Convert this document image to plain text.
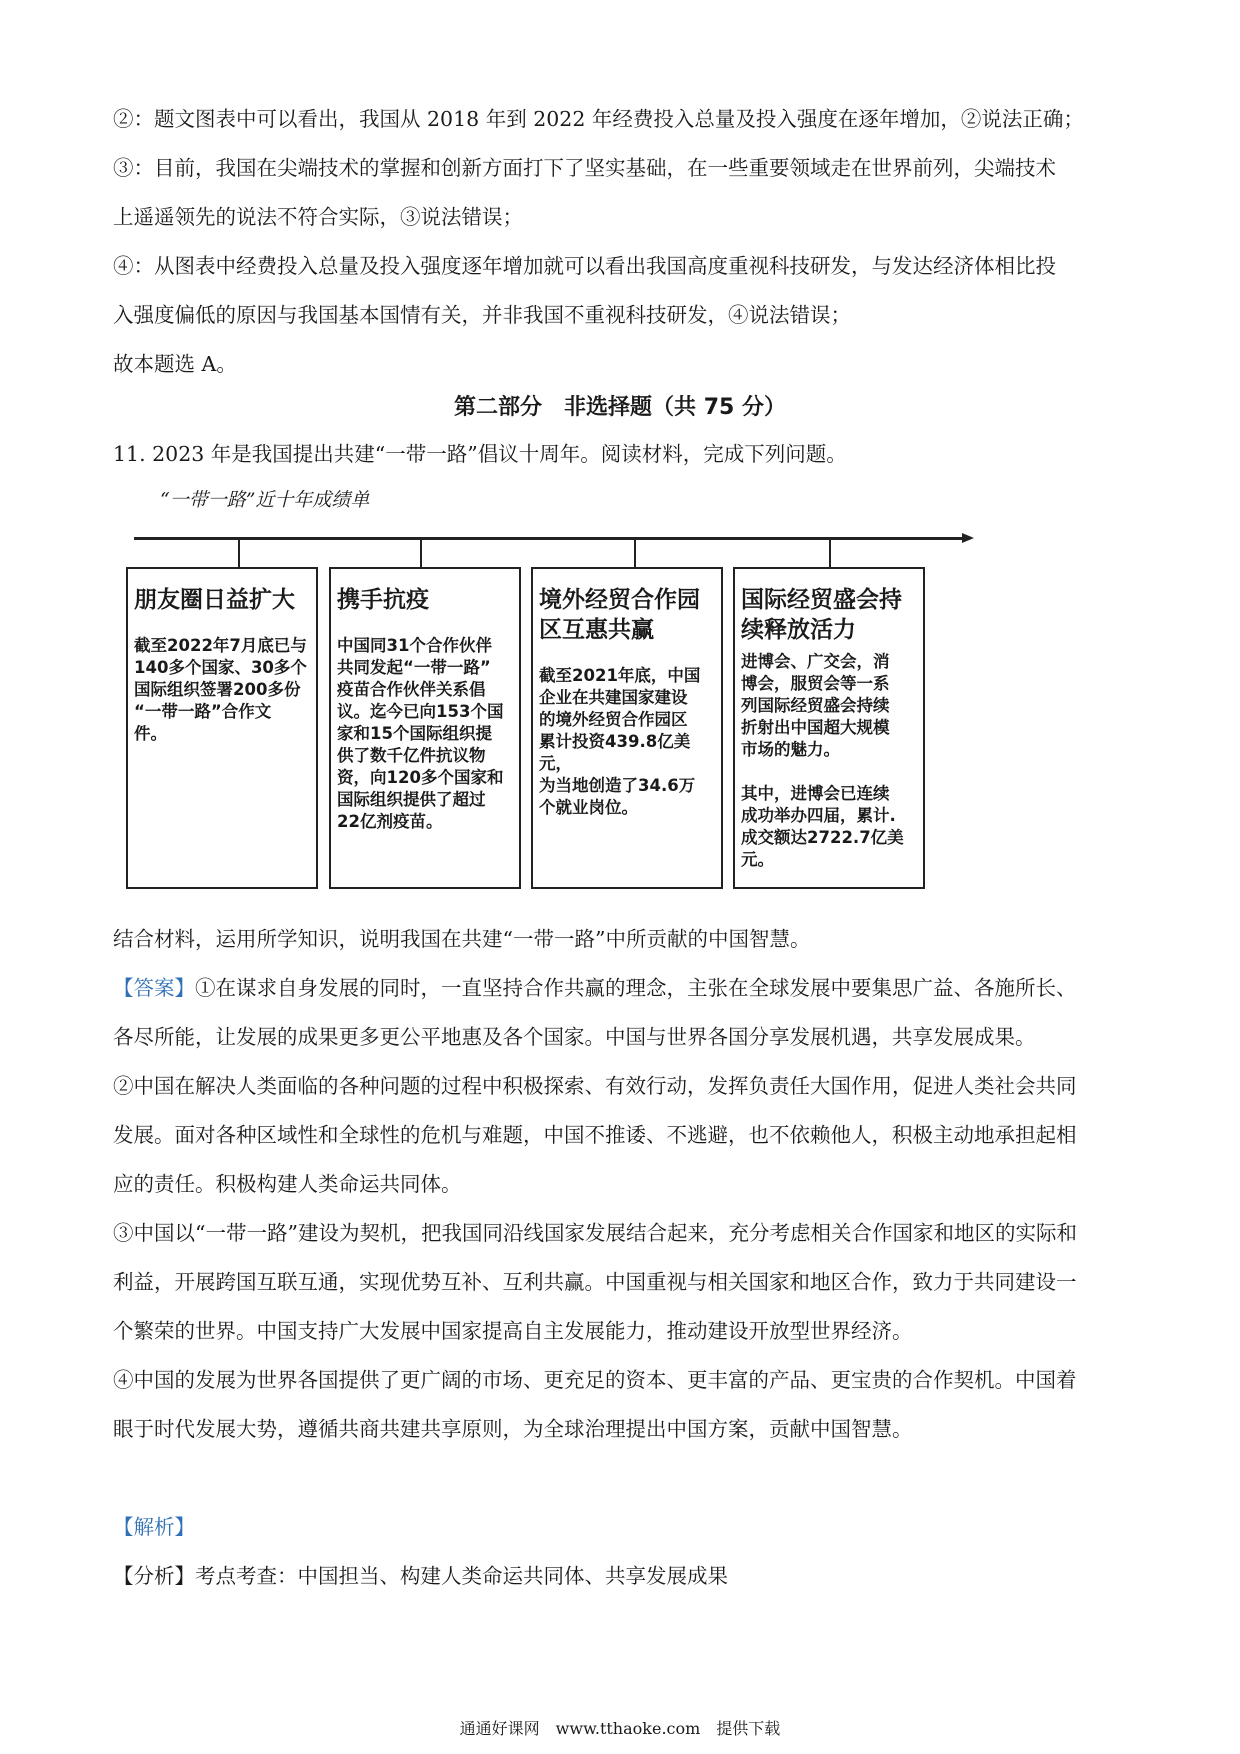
②：题文图表中可以看出，我国从 2018 年到 2022 年经费投入总量及投入强度在逐年增加，②说法正确；
③：目前，我国在尖端技术的掌握和创新方面打下了坚实基础，在一些重要领域走在世界前列，尖端技术
上遥遥领先的说法不符合实际，③说法错误；
④：从图表中经费投入总量及投入强度逐年增加就可以看出我国高度重视科技研发，与发达经济体相比投
入强度偏低的原因与我国基本国情有关，并非我国不重视科技研发，④说法错误；
故本题选 A。
第二部分　非选择题（共 75 分）
11. 2023 年是我国提出共建“一带一路”倡议十周年。阅读材料，完成下列问题。
“一带一路”近十年成绩单
朋友圈日益扩大
截至2022年7月底已与
140多个国家、30多个
国际组织签署200多份
“一带一路”合作文
件。
携手抗疫
中国同31个合作伙伴
共同发起“一带一路”
疫苗合作伙伴关系倡
议。迄今已向153个国
家和15个国际组织提
供了数千亿件抗议物
资，向120多个国家和
国际组织提供了超过
22亿剂疫苗。
境外经贸合作园
区互惠共赢
截至2021年底，中国
企业在共建国家建设
的境外经贸合作园区
累计投资439.8亿美元，
为当地创造了34.6万
个就业岗位。
国际经贸盛会持
续释放活力
进博会、广交会，消
博会，服贸会等一系
列国际经贸盛会持续
折射出中国超大规模
市场的魅力。
其中，进博会已连续
成功举办四届，累计.
成交额达2722.7亿美
元。
结合材料，运用所学知识，说明我国在共建“一带一路”中所贡献的中国智慧。
【答案】①在谋求自身发展的同时，一直坚持合作共赢的理念，主张在全球发展中要集思广益、各施所长、
各尽所能，让发展的成果更多更公平地惠及各个国家。中国与世界各国分享发展机遇，共享发展成果。
②中国在解决人类面临的各种问题的过程中积极探索、有效行动，发挥负责任大国作用，促进人类社会共同
发展。面对各种区域性和全球性的危机与难题，中国不推诿、不逃避，也不依赖他人，积极主动地承担起相
应的责任。积极构建人类命运共同体。
③中国以“一带一路”建设为契机，把我国同沿线国家发展结合起来，充分考虑相关合作国家和地区的实际和
利益，开展跨国互联互通，实现优势互补、互利共赢。中国重视与相关国家和地区合作，致力于共同建设一
个繁荣的世界。中国支持广大发展中国家提高自主发展能力，推动建设开放型世界经济。
④中国的发展为世界各国提供了更广阔的市场、更充足的资本、更丰富的产品、更宝贵的合作契机。中国着
眼于时代发展大势，遵循共商共建共享原则，为全球治理提出中国方案，贡献中国智慧。
【解析】
【分析】考点考查：中国担当、构建人类命运共同体、共享发展成果
通通好课网　www.tthaoke.com　提供下载
